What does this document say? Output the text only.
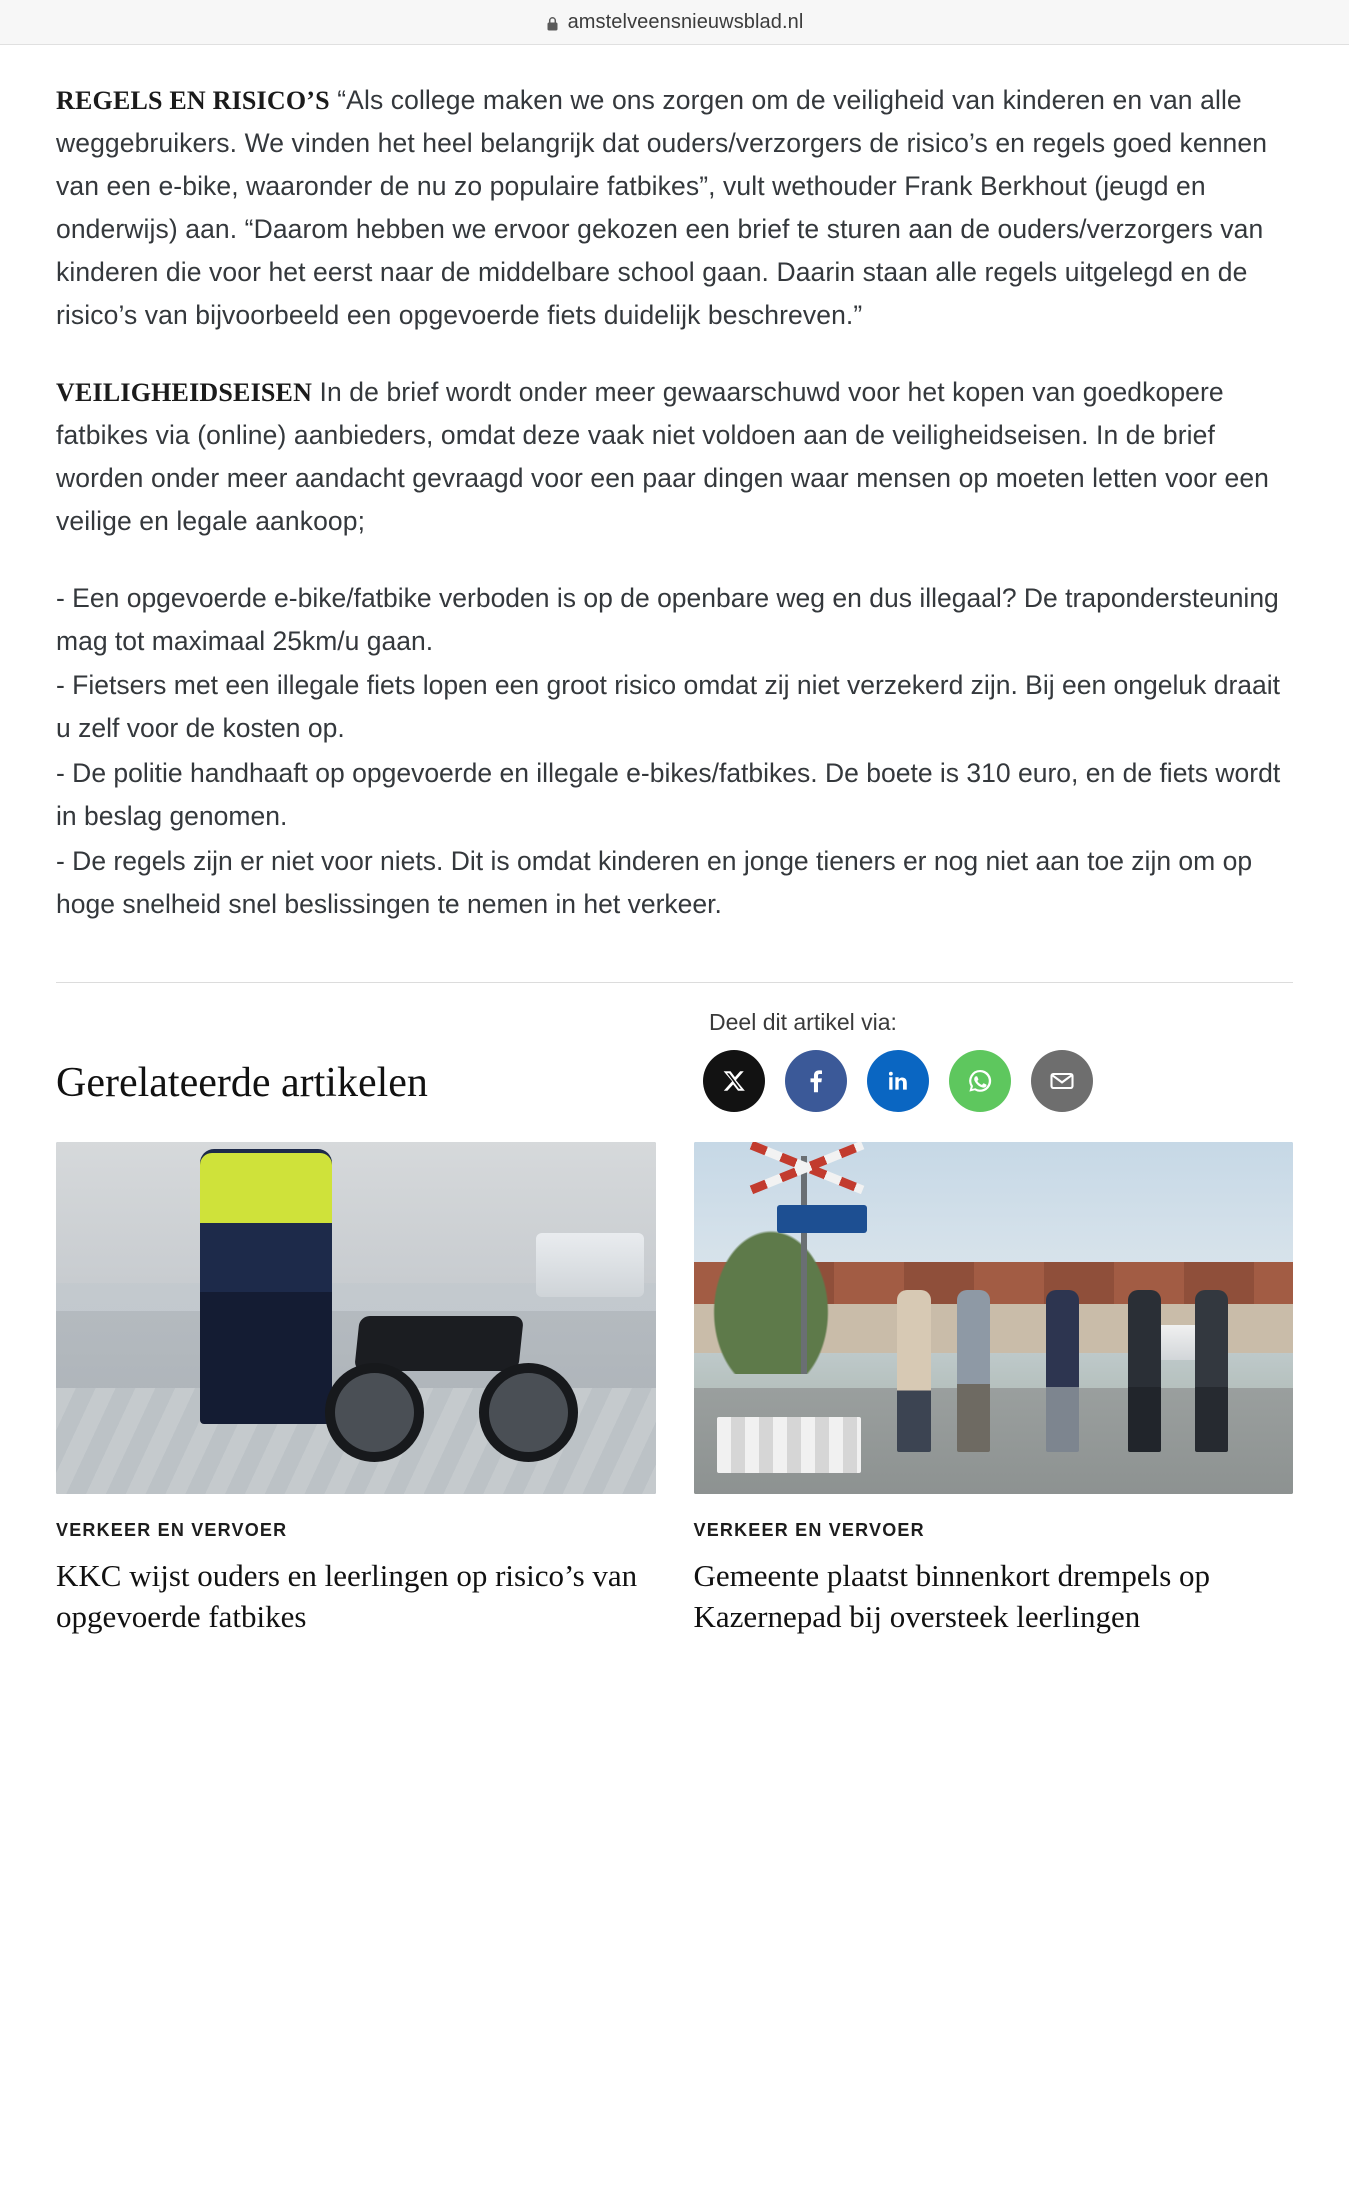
amstelveensnieuwsblad.nl

REGELS EN RISICO’S “Als college maken we ons zorgen om de veiligheid van kinderen en van alle weggebruikers. We vinden het heel belangrijk dat ouders/verzorgers de risico’s en regels goed kennen van een e-bike, waaronder de nu zo populaire fatbikes”, vult wethouder Frank Berkhout (jeugd en onderwijs) aan. “Daarom hebben we ervoor gekozen een brief te sturen aan de ouders/verzorgers van kinderen die voor het eerst naar de middelbare school gaan. Daarin staan alle regels uitgelegd en de risico’s van bijvoorbeeld een opgevoerde fiets duidelijk beschreven.”

VEILIGHEIDSEISEN In de brief wordt onder meer gewaarschuwd voor het kopen van goedkopere fatbikes via (online) aanbieders, omdat deze vaak niet voldoen aan de veiligheidseisen. In de brief worden onder meer aandacht gevraagd voor een paar dingen waar mensen op moeten letten voor een veilige en legale aankoop;

- Een opgevoerde e-bike/fatbike verboden is op de openbare weg en dus illegaal? De trapondersteuning mag tot maximaal 25km/u gaan.
- Fietsers met een illegale fiets lopen een groot risico omdat zij niet verzekerd zijn. Bij een ongeluk draait u zelf voor de kosten op.
- De politie handhaaft op opgevoerde en illegale e-bikes/fatbikes. De boete is 310 euro, en de fiets wordt in beslag genomen.
- De regels zijn er niet voor niets. Dit is omdat kinderen en jonge tieners er nog niet aan toe zijn om op hoge snelheid snel beslissingen te nemen in het verkeer.
Gerelateerde artikelen
Deel dit artikel via:
VERKEER EN VERVOER
KKC wijst ouders en leerlingen op risico’s van opgevoerde fatbikes
VERKEER EN VERVOER
Gemeente plaatst binnenkort drempels op Kazernepad bij oversteek leerlingen
